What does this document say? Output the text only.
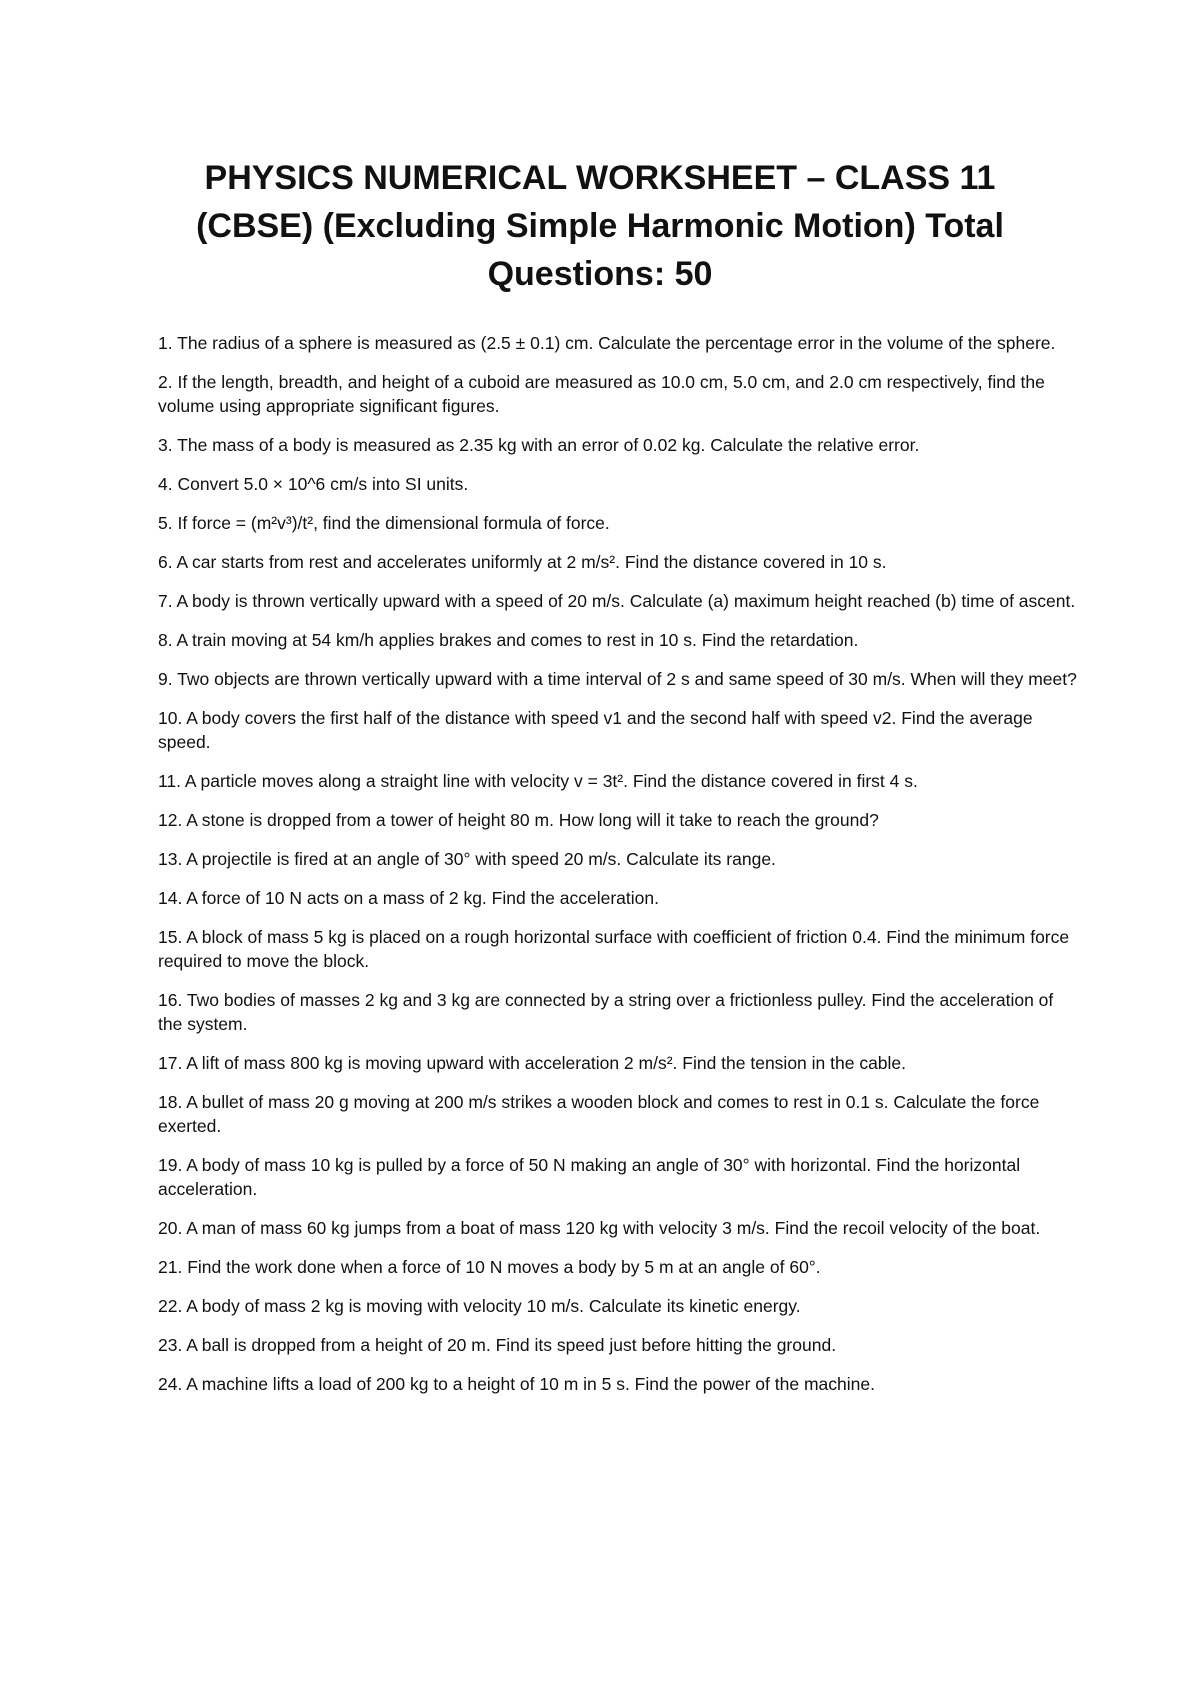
PHYSICS NUMERICAL WORKSHEET – CLASS 11 (CBSE) (Excluding Simple Harmonic Motion) Total Questions: 50
1. The radius of a sphere is measured as (2.5 ± 0.1) cm. Calculate the percentage error in the volume of the sphere.
2. If the length, breadth, and height of a cuboid are measured as 10.0 cm, 5.0 cm, and 2.0 cm respectively, find the volume using appropriate significant figures.
3. The mass of a body is measured as 2.35 kg with an error of 0.02 kg. Calculate the relative error.
4. Convert 5.0 × 10^6 cm/s into SI units.
5. If force = (m²v³)/t², find the dimensional formula of force.
6. A car starts from rest and accelerates uniformly at 2 m/s². Find the distance covered in 10 s.
7. A body is thrown vertically upward with a speed of 20 m/s. Calculate (a) maximum height reached (b) time of ascent.
8. A train moving at 54 km/h applies brakes and comes to rest in 10 s. Find the retardation.
9. Two objects are thrown vertically upward with a time interval of 2 s and same speed of 30 m/s. When will they meet?
10. A body covers the first half of the distance with speed v1 and the second half with speed v2. Find the average speed.
11. A particle moves along a straight line with velocity v = 3t². Find the distance covered in first 4 s.
12. A stone is dropped from a tower of height 80 m. How long will it take to reach the ground?
13. A projectile is fired at an angle of 30° with speed 20 m/s. Calculate its range.
14. A force of 10 N acts on a mass of 2 kg. Find the acceleration.
15. A block of mass 5 kg is placed on a rough horizontal surface with coefficient of friction 0.4. Find the minimum force required to move the block.
16. Two bodies of masses 2 kg and 3 kg are connected by a string over a frictionless pulley. Find the acceleration of the system.
17. A lift of mass 800 kg is moving upward with acceleration 2 m/s². Find the tension in the cable.
18. A bullet of mass 20 g moving at 200 m/s strikes a wooden block and comes to rest in 0.1 s. Calculate the force exerted.
19. A body of mass 10 kg is pulled by a force of 50 N making an angle of 30° with horizontal. Find the horizontal acceleration.
20. A man of mass 60 kg jumps from a boat of mass 120 kg with velocity 3 m/s. Find the recoil velocity of the boat.
21. Find the work done when a force of 10 N moves a body by 5 m at an angle of 60°.
22. A body of mass 2 kg is moving with velocity 10 m/s. Calculate its kinetic energy.
23. A ball is dropped from a height of 20 m. Find its speed just before hitting the ground.
24. A machine lifts a load of 200 kg to a height of 10 m in 5 s. Find the power of the machine.
